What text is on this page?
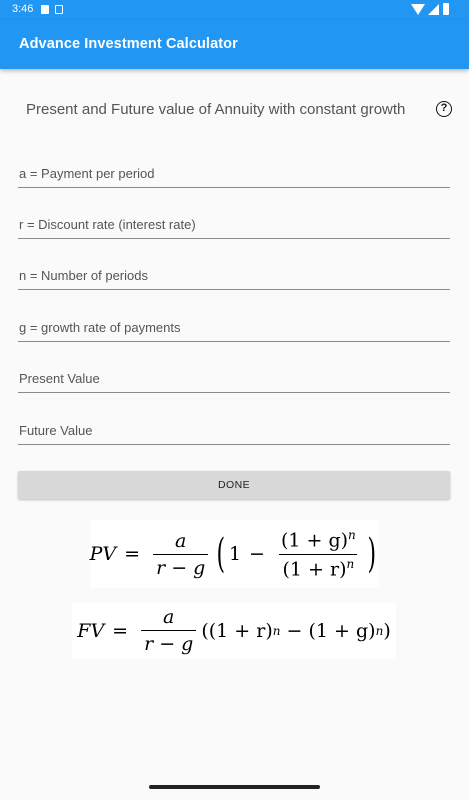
3:46
Advance Investment Calculator
Present and Future value of Annuity with constant growth	?
a = Payment per period
r = Discount rate (interest rate)
n = Number of periods
g = growth rate of payments
Present Value
Future Value
DONE
PV = $\frac{a}{r - g}$ ( $1 - \frac{(1 + g)^n}{(1 + r)^n}$ )
FV = $\frac{a}{r - g} ((1 + r) n - (1 + g)$ n )
